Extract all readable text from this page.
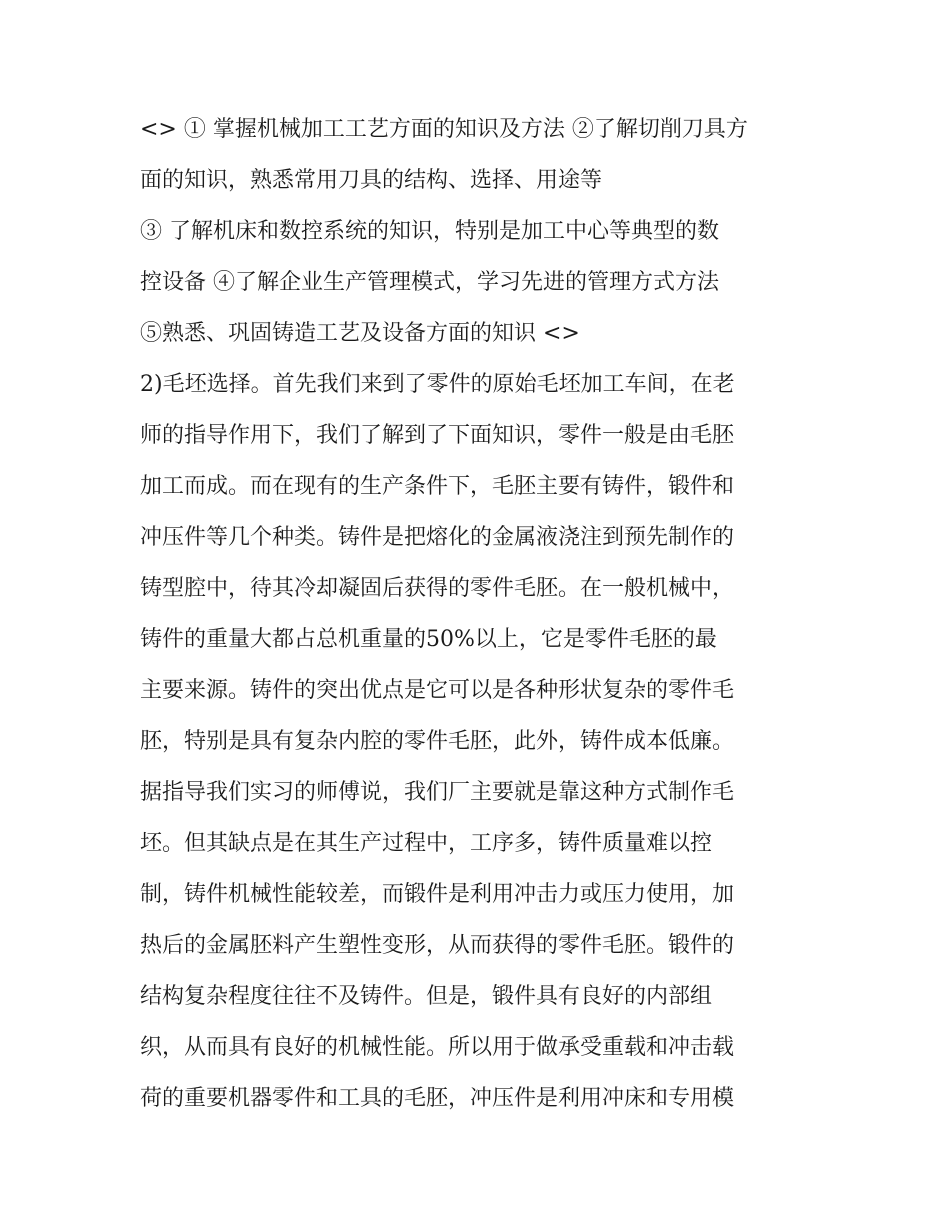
<> ① 掌握机械加工工艺方面的知识及方法 ②了解切削刀具方
面的知识，熟悉常用刀具的结构、选择、用途等
③ 了解机床和数控系统的知识，特别是加工中心等典型的数
控设备 ④了解企业生产管理模式，学习先进的管理方式方法
⑤熟悉、巩固铸造工艺及设备方面的知识 <>
2)毛坯选择。首先我们来到了零件的原始毛坯加工车间，在老
师的指导作用下，我们了解到了下面知识，零件一般是由毛胚
加工而成。而在现有的生产条件下，毛胚主要有铸件，锻件和
冲压件等几个种类。铸件是把熔化的金属液浇注到预先制作的
铸型腔中，待其冷却凝固后获得的零件毛胚。在一般机械中，
铸件的重量大都占总机重量的50%以上，它是零件毛胚的最
主要来源。铸件的突出优点是它可以是各种形状复杂的零件毛
胚，特别是具有复杂内腔的零件毛胚，此外，铸件成本低廉。
据指导我们实习的师傅说，我们厂主要就是靠这种方式制作毛
坯。但其缺点是在其生产过程中，工序多，铸件质量难以控
制，铸件机械性能较差，而锻件是利用冲击力或压力使用，加
热后的金属胚料产生塑性变形，从而获得的零件毛胚。锻件的
结构复杂程度往往不及铸件。但是，锻件具有良好的内部组
织，从而具有良好的机械性能。所以用于做承受重载和冲击载
荷的重要机器零件和工具的毛胚，冲压件是利用冲床和专用模
